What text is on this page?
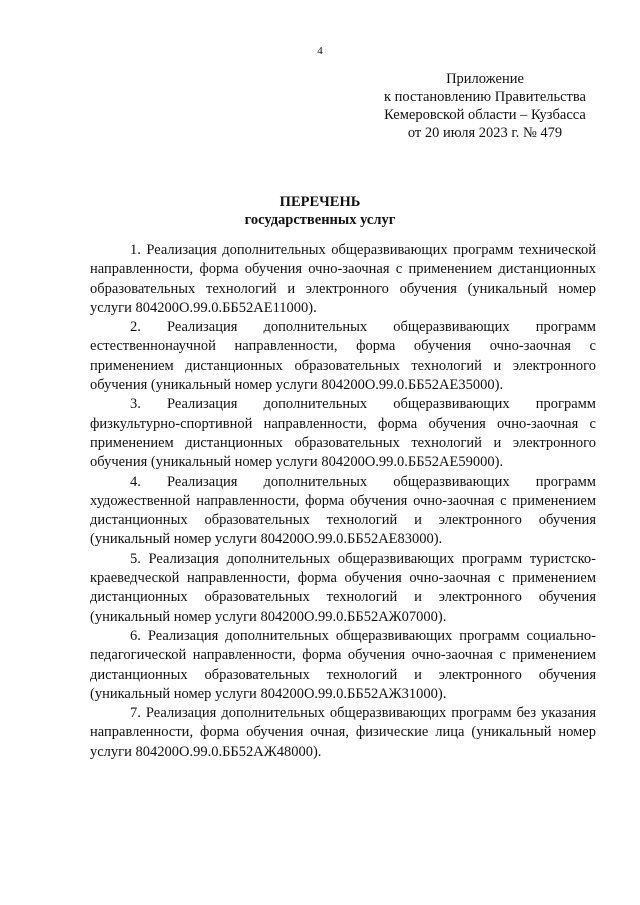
4
Приложение
к постановлению Правительства
Кемеровской области – Кузбасса
от 20 июля 2023 г. № 479
ПЕРЕЧЕНЬ
государственных услуг

1. Реализация дополнительных общеразвивающих программ технической направленности, форма обучения очно-заочная с применением дистанционных образовательных технологий и электронного обучения (уникальный номер услуги 804200О.99.0.ББ52АЕ11000).

2. Реализация дополнительных общеразвивающих программ естественнонаучной направленности, форма обучения очно-заочная с применением дистанционных образовательных технологий и электронного обучения (уникальный номер услуги 804200О.99.0.ББ52АЕ35000).

3. Реализация дополнительных общеразвивающих программ физкультурно-спортивной направленности, форма обучения очно-заочная с применением дистанционных образовательных технологий и электронного обучения (уникальный номер услуги 804200О.99.0.ББ52АЕ59000).

4. Реализация дополнительных общеразвивающих программ художественной направленности, форма обучения очно-заочная с применением дистанционных образовательных технологий и электронного обучения (уникальный номер услуги 804200О.99.0.ББ52АЕ83000).

5. Реализация дополнительных общеразвивающих программ туристско-краеведческой направленности, форма обучения очно-заочная с применением дистанционных образовательных технологий и электронного обучения (уникальный номер услуги 804200О.99.0.ББ52АЖ07000).

6. Реализация дополнительных общеразвивающих программ социально-педагогической направленности, форма обучения очно-заочная с применением дистанционных образовательных технологий и электронного обучения (уникальный номер услуги 804200О.99.0.ББ52АЖ31000).

7. Реализация дополнительных общеразвивающих программ без указания направленности, форма обучения очная, физические лица (уникальный номер услуги 804200О.99.0.ББ52АЖ48000).
